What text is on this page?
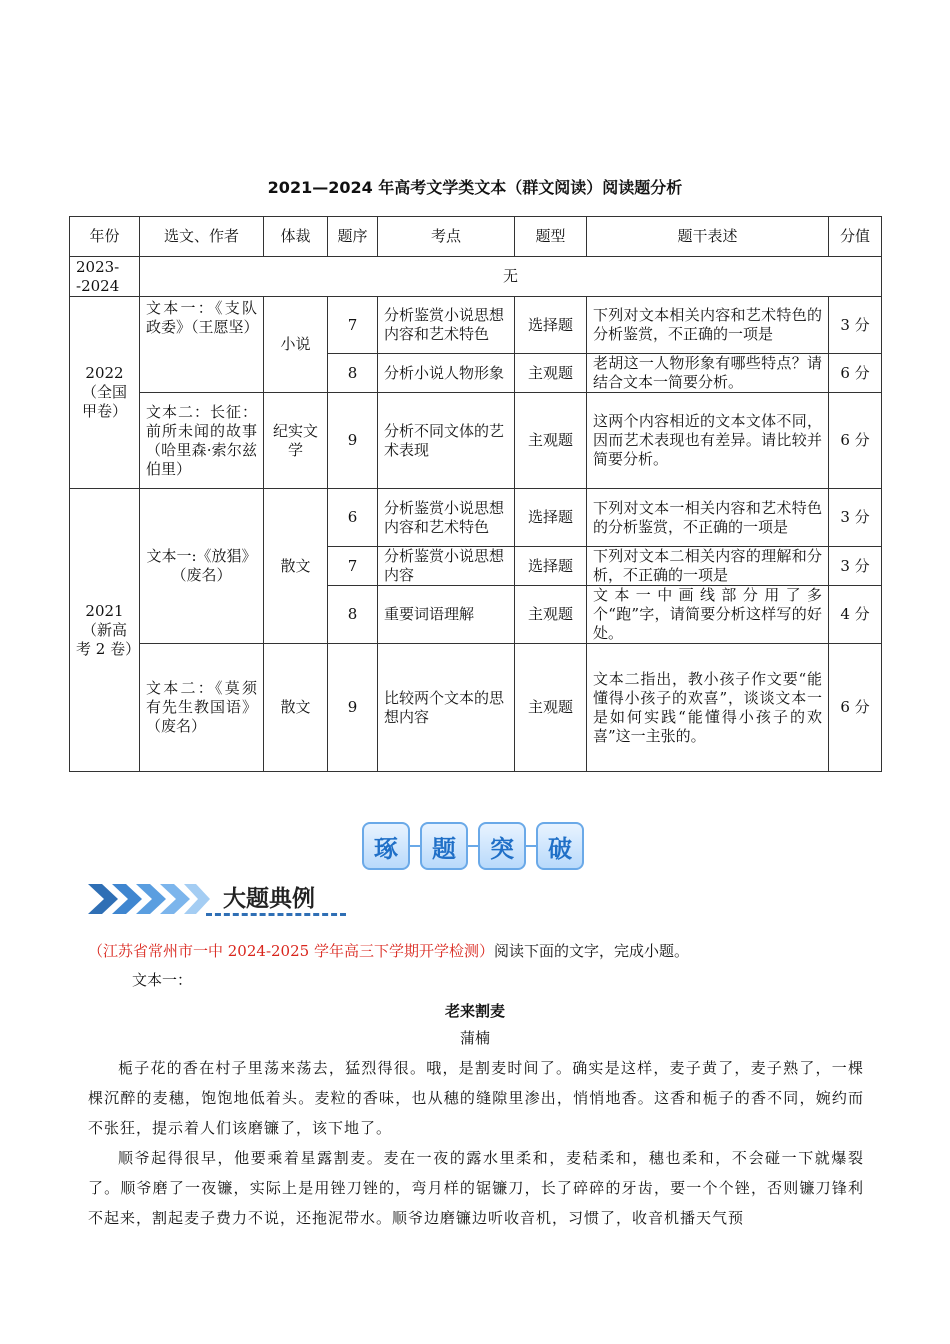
2021—2024 年高考文学类文本（群文阅读）阅读题分析
年份	选文、作者	体裁	题序	考点	题型	题干表述	分值
2023--2024	无						
2022（全国甲卷）	文本一：《支队政委》（王愿坚）	小说	7	分析鉴赏小说思想内容和艺术特色	选择题	下列对文本相关内容和艺术特色的分析鉴赏，不正确的一项是	3 分
			8	分析小说人物形象	主观题	老胡这一人物形象有哪些特点？请结合文本一简要分析。	6 分
	文本二：长征：前所未闻的故事（哈里森·索尔兹伯里）	纪实文学	9	分析不同文体的艺术表现	主观题	这两个内容相近的文本文体不同，因而艺术表现也有差异。请比较并简要分析。	6 分
2021（新高考 2 卷）	文本一:《放猖》（废名）	散文	6	分析鉴赏小说思想内容和艺术特色	选择题	下列对文本一相关内容和艺术特色的分析鉴赏，不正确的一项是	3 分
			7	分析鉴赏小说思想内容	选择题	下列对文本二相关内容的理解和分析，不正确的一项是	3 分
			8	重要词语理解	主观题	文本一中画线部分用了多个“跑”字，请简要分析这样写的好处。	4 分
	文本二：《莫须有先生教国语》（废名）	散文	9	比较两个文本的思想内容	主观题	文本二指出，教小孩子作文要“能懂得小孩子的欢喜”，谈谈文本一是如何实践“能懂得小孩子的欢喜”这一主张的。	6 分
琢	题	突	破
大题典例
（江苏省常州市一中 2024-2025 学年高三下学期开学检测）阅读下面的文字，完成小题。
文本一：
老来割麦
蒲楠

栀子花的香在村子里荡来荡去，猛烈得很。哦，是割麦时间了。确实是这样，麦子黄了，麦子熟了，一棵棵沉醉的麦穗，饱饱地低着头。麦粒的香味，也从穗的缝隙里渗出，悄悄地香。这香和栀子的香不同，婉约而不张狂，提示着人们该磨镰了，该下地了。

顺爷起得很早，他要乘着星露割麦。麦在一夜的露水里柔和，麦秸柔和，穗也柔和，不会碰一下就爆裂了。顺爷磨了一夜镰，实际上是用锉刀锉的，弯月样的锯镰刀，长了碎碎的牙齿，要一个个锉，否则镰刀锋利不起来，割起麦子费力不说，还拖泥带水。顺爷边磨镰边听收音机，习惯了，收音机播天气预
